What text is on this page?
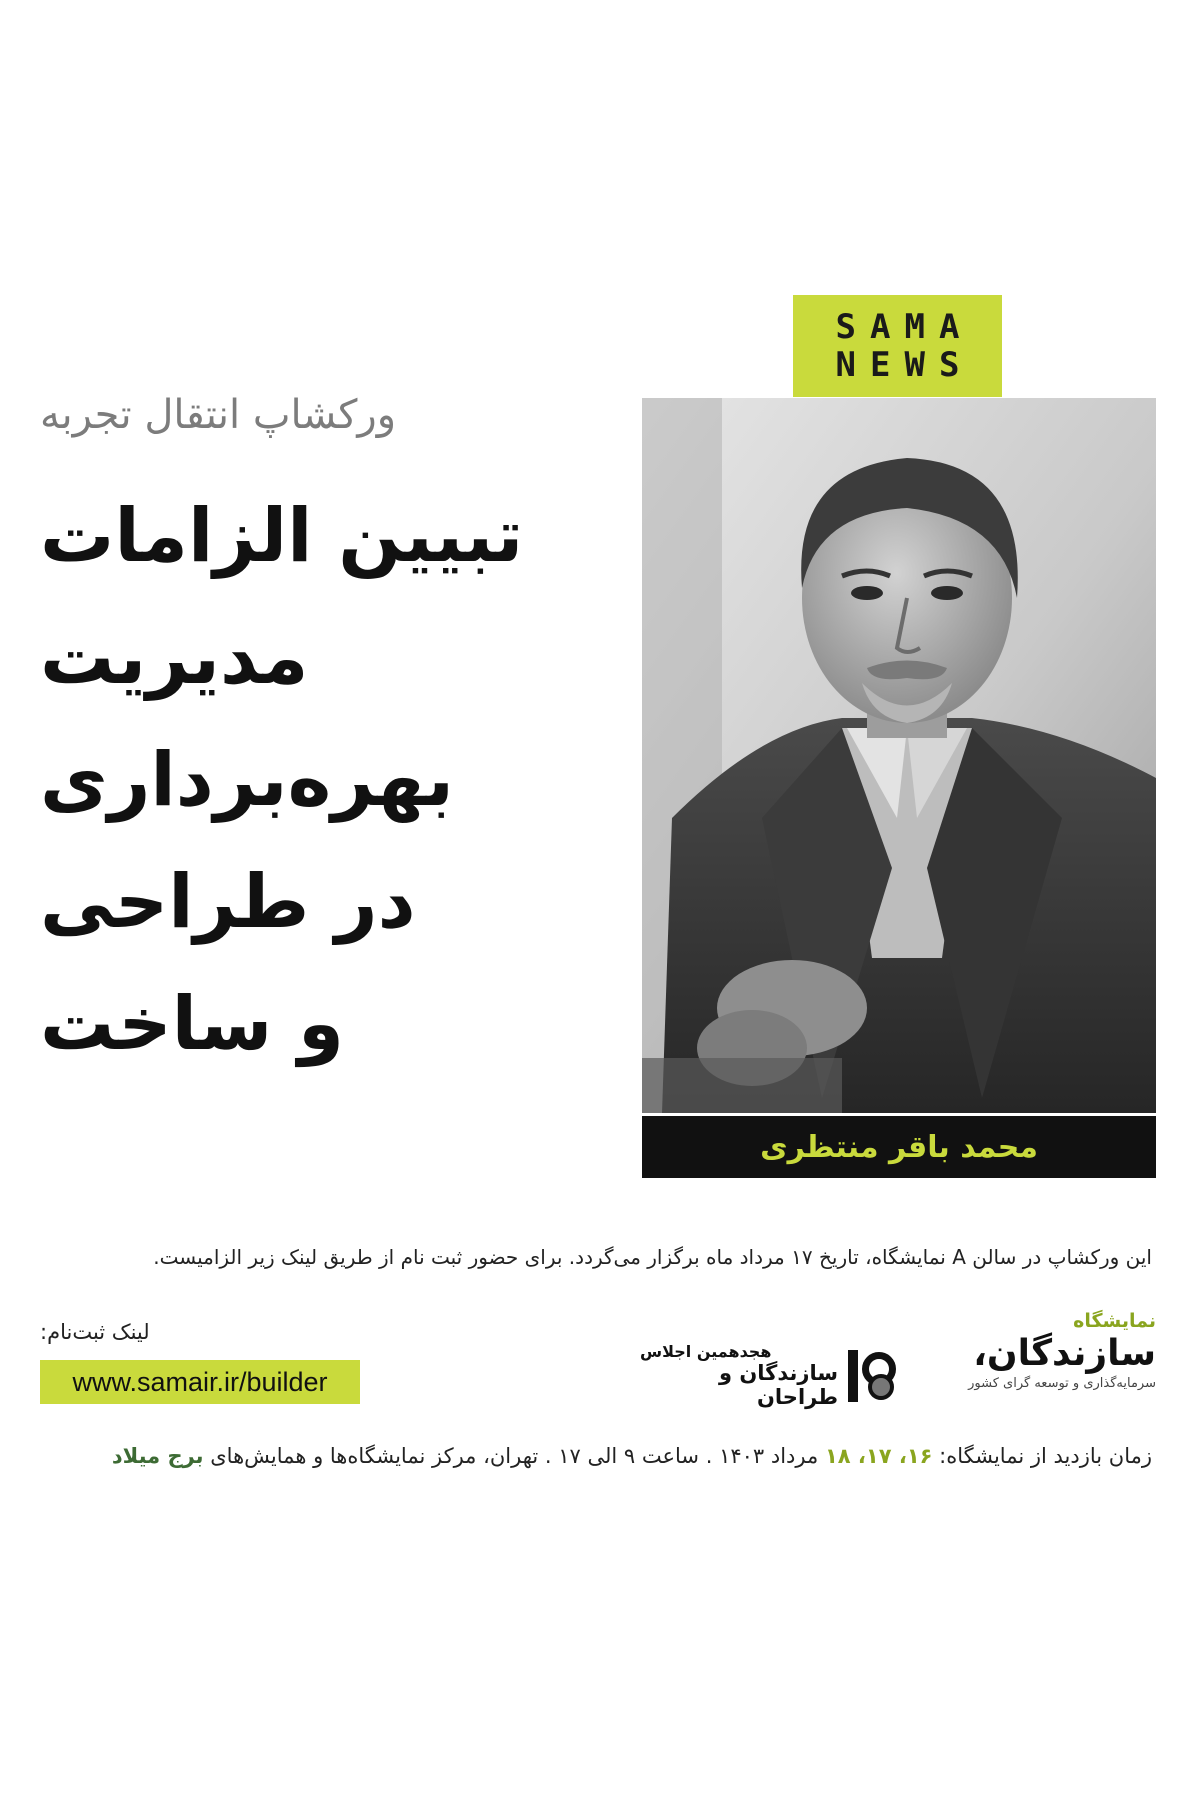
SAMA
NEWS
محمد باقر منتظری
ورکشاپ انتقال تجربه
تبیین الزامات
مدیریت
بهره‌برداری
در طراحی
و ساخت
این ورکشاپ در سالن A نمایشگاه، تاریخ ۱۷ مرداد ماه برگزار می‌گردد. برای حضور ثبت نام از طریق لینک زیر الزامیست.
لینک ثبت‌نام:
www.samair.ir/builder
هجدهمین اجلاس
سازندگان و طراحان
نمایشگاه
سازندگان،
سرمایه‌گذاری و توسعه گرای کشور
زمان بازدید از نمایشگاه: ۱۶، ۱۷، ۱۸ مرداد ۱۴۰۳ . ساعت ۹ الی ۱۷ . تهران، مرکز نمایشگاه‌ها و همایش‌های برج میلاد
